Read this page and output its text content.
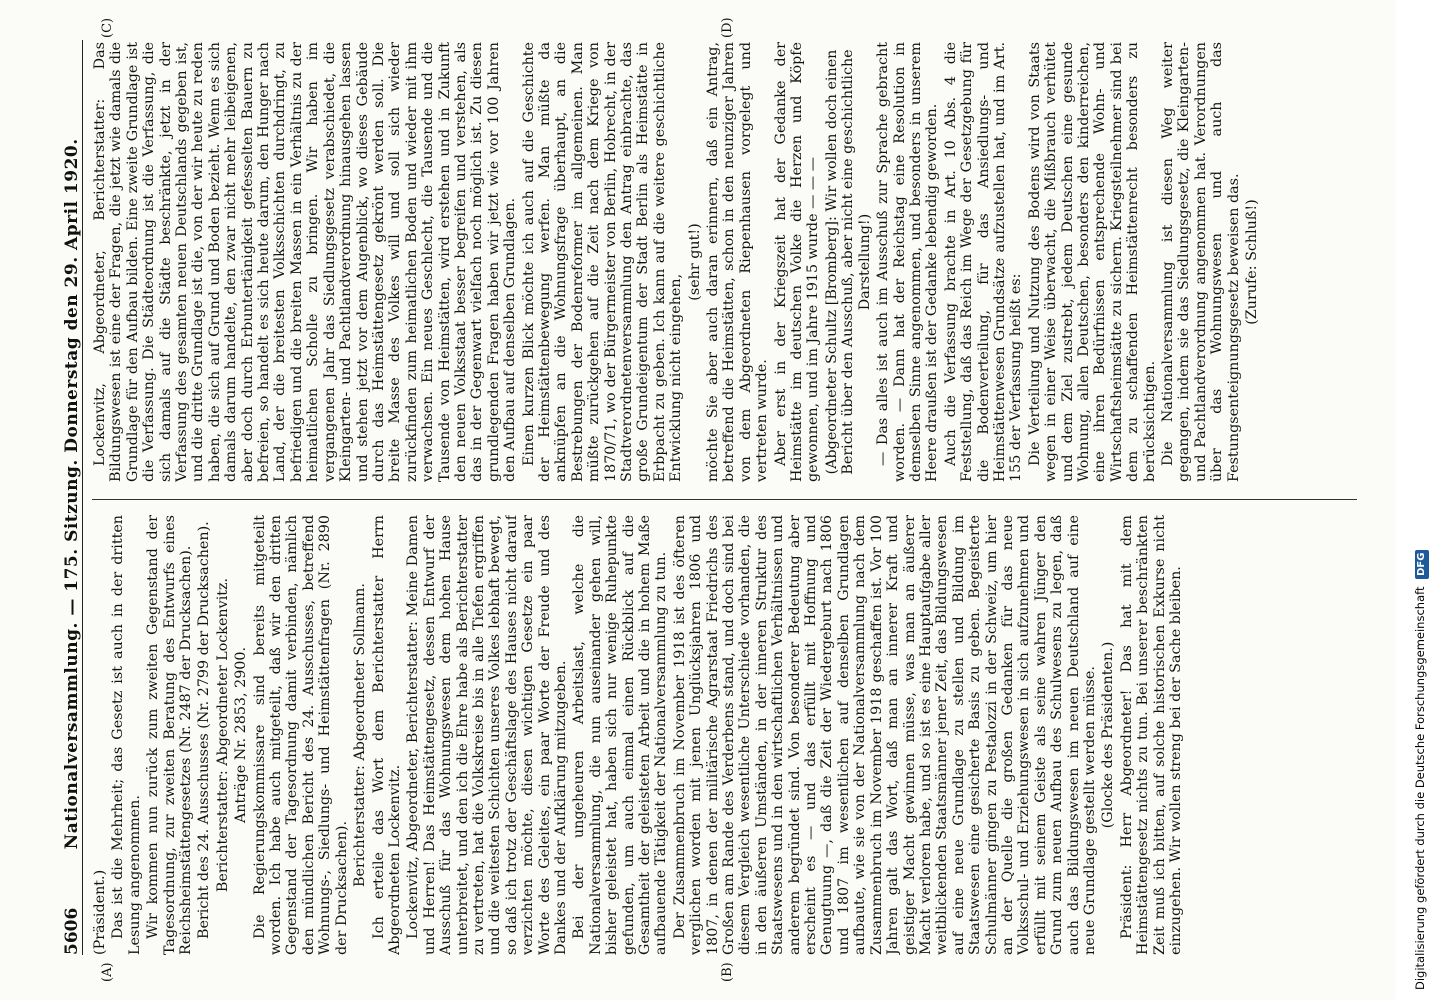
5606
Nationalversammlung. — 175. Sitzung. Donnerstag den 29. April 1920.
(A)	(B)
(C)	(D)

(Präsident.) Das ist die Mehrheit; das Gesetz ist auch in der dritten Lesung angenommen. Wir kommen nun zurück zum zweiten Gegenstand der Tagesordnung, zur zweiten Beratung des Entwurfs eines Reichsheimstättengesetzes (Nr. 2487 der Drucksachen). Bericht des 24. Ausschusses (Nr. 2799 der Drucksachen). Berichterstatter: Abgeordneter Lockenvitz. Anträge Nr. 2853, 2900. Die Regierungskommissare sind bereits mitgeteilt worden. Ich habe auch mitgeteilt, daß wir den dritten Gegenstand der Tagesordnung damit verbinden, nämlich den mündlichen Bericht des 24. Ausschusses, betreffend Wohnungs-, Siedlungs- und Heimstättenfragen (Nr. 2890 der Drucksachen).

Berichterstatter: Abgeordneter Sollmann. Ich erteile das Wort dem Berichterstatter Herrn Abgeordneten Lockenvitz. Lockenvitz, Abgeordneter, Berichterstatter: Meine Damen und Herren! Das Heimstättengesetz, dessen Entwurf der Ausschuß für das Wohnungswesen dem hohen Hause unterbreitet, und den ich die Ehre habe als Berichterstatter zu vertreten, hat die Volkskreise bis in alle Tiefen ergriffen und die weitesten Schichten unseres Volkes lebhaft bewegt, so daß ich trotz der Geschäftslage des Hauses nicht darauf verzichten möchte, diesen wichtigen Gesetze ein paar Worte des Geleites, ein paar Worte der Freude und des Dankes und der Aufklärung mitzugeben. Bei der ungeheuren Arbeitslast, welche die Nationalversammlung, die nun auseinander gehen will, bisher geleistet hat, haben sich nur wenige Ruhepunkte gefunden, um auch einmal einen Rückblick auf die Gesamtheit der geleisteten Arbeit und die in hohem Maße aufbauende Tätigkeit der Nationalversammlung zu tun. Der Zusammenbruch im November 1918 ist des öfteren verglichen worden mit jenen Unglücksjahren 1806 und 1807, in denen der militärische Agrarstaat Friedrichs des Großen am Rande des Verderbens stand, und doch sind bei diesem Vergleich wesentliche Unterschiede vorhanden, die in den äußeren Umständen, in der inneren Struktur des Staatswesens und in den wirtschaftlichen Verhältnissen und anderem begründet sind. Von besonderer Bedeutung aber erscheint es — und das erfüllt mit Hoffnung und Genugtuung —, daß die Zeit der Wiedergeburt nach 1806 und 1807 im wesentlichen auf denselben Grundlagen aufbaute, wie sie von der Nationalversammlung nach dem Zusammenbruch im November 1918 geschaffen ist. Vor 100 Jahren galt das Wort, daß man an innerer Kraft und geistiger Macht gewinnen müsse, was man an äußerer Macht verloren habe, und so ist es eine Hauptaufgabe aller weitblickenden Staatsmänner jener Zeit, das Bildungswesen auf eine neue Grundlage zu stellen und Bildung im Staatswesen eine gesicherte Basis zu geben. Begeisterte Schulmänner gingen zu Pestalozzi in der Schweiz, um hier an der Quelle die großen Gedanken für das neue Volksschul- und Erziehungswesen in sich aufzunehmen und erfüllt mit seinem Geiste als seine wahren Jünger den Grund zum neuen Aufbau des Schulwesens zu legen, daß auch das Bildungswesen im neuen Deutschland auf eine neue Grundlage gestellt werden müsse. (Glocke des Präsidenten.) Präsident: Herr Abgeordneter! Das hat mit dem Heimstättengesetz nichts zu tun. Bei unserer beschränkten Zeit muß ich bitten, auf solche historischen Exkurse nicht einzugehen. Wir wollen streng bei der Sache bleiben.

Lockenvitz, Abgeordneter, Berichterstatter: Das Bildungswesen ist eine der Fragen, die jetzt wie damals die Grundlage für den Aufbau bilden. Eine zweite Grundlage ist die Verfassung. Die Städteordnung ist die Verfassung, die sich damals auf die Städte beschränkte, jetzt in der Verfassung des gesamten neuen Deutschlands gegeben ist, und die dritte Grundlage ist die, von der wir heute zu reden haben, die sich auf Grund und Boden bezieht. Wenn es sich damals darum handelte, den zwar nicht mehr leibeigenen, aber doch durch Erbuntertänigkeit gefesselten Bauern zu befreien, so handelt es sich heute darum, den Hunger nach Land, der die breitesten Volksschichten durchdringt, zu befriedigen und die breiten Massen in ein Verhältnis zu der heimatlichen Scholle zu bringen. Wir haben im vergangenen Jahr das Siedlungsgesetz verabschiedet, die Kleingarten- und Pachtlandverordnung hinausgehen lassen und stehen jetzt vor dem Augenblick, wo dieses Gebäude durch das Heimstättengesetz gekrönt werden soll. Die breite Masse des Volkes will und soll sich wieder zurückfinden zum heimatlichen Boden und wieder mit ihm verwachsen. Ein neues Geschlecht, die Tausende und die Tausende von Heimstätten, wird erstehen und in Zukunft den neuen Volksstaat besser begreifen und verstehen, als das in der Gegenwart vielfach noch möglich ist. Zu diesen grundlegenden Fragen haben wir jetzt wie vor 100 Jahren den Aufbau auf denselben Grundlagen. Einen kurzen Blick möchte ich auch auf die Geschichte der Heimstättenbewegung werfen. Man müßte da anknüpfen an die Wohnungsfrage überhaupt, an die Bestrebungen der Bodenreformer im allgemeinen. Man müßte zurückgehen auf die Zeit nach dem Kriege von 1870/71, wo der Bürgermeister von Berlin, Hobrecht, in der Stadtverordnetenversammlung den Antrag einbrachte, das große Grundeigentum der Stadt Berlin als Heimstätte in Erbpacht zu geben. Ich kann auf die weitere geschichtliche Entwicklung nicht eingehen,

(sehr gut!) möchte Sie aber auch daran erinnern, daß ein Antrag, betreffend die Heimstätten, schon in den neunziger Jahren von dem Abgeordneten Riepenhausen vorgelegt und vertreten wurde. Aber erst in der Kriegszeit hat der Gedanke der Heimstätte im deutschen Volke die Herzen und Köpfe gewonnen, und im Jahre 1915 wurde — — — (Abgeordneter Schultz [Bromberg]: Wir wollen doch einen Bericht über den Ausschuß, aber nicht eine geschichtliche Darstellung!) — Das alles ist auch im Ausschuß zur Sprache gebracht worden. — Dann hat der Reichstag eine Resolution in demselben Sinne angenommen, und besonders in unserem Heere draußen ist der Gedanke lebendig geworden. Auch die Verfassung brachte in Art. 10 Abs. 4 die Feststellung, daß das Reich im Wege der Gesetzgebung für die Bodenverteilung, für das Ansiedlungs- und Heimstättenwesen Grundsätze aufzustellen hat, und im Art. 155 der Verfassung heißt es: Die Verteilung und Nutzung des Bodens wird von Staats wegen in einer Weise überwacht, die Mißbrauch verhütet und dem Ziel zustrebt, jedem Deutschen eine gesunde Wohnung, allen Deutschen, besonders den kinderreichen, eine ihren Bedürfnissen entsprechende Wohn- und Wirtschaftsheimstätte zu sichern. Kriegsteilnehmer sind bei dem zu schaffenden Heimstättenrecht besonders zu berücksichtigen. Die Nationalversammlung ist diesen Weg weiter gegangen, indem sie das Siedlungsgesetz, die Kleingarten- und Pachtlandverordnung angenommen hat. Verordnungen über das Wohnungswesen und auch das Festungsenteignungsgesetz beweisen das. (Zurufe: Schluß!)

Digitalisierung gefördert durch die Deutsche Forschungsgemeinschaft DFG
